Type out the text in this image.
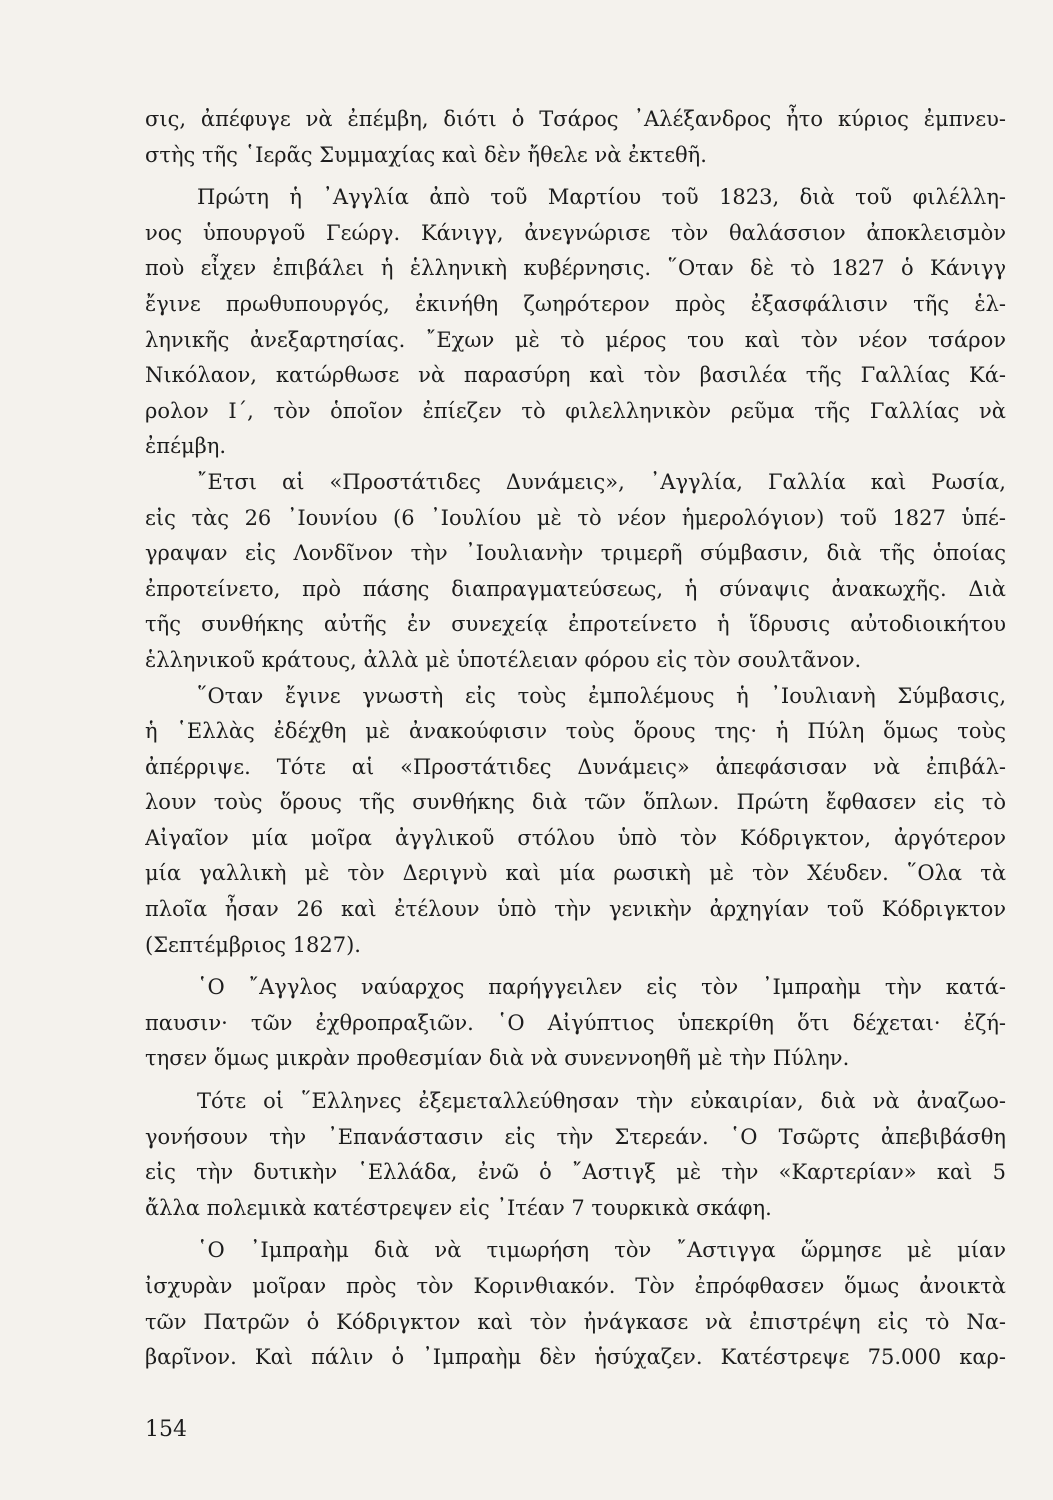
σις, ἀπέφυγε νὰ ἐπέμβη, διότι ὁ Τσάρος ᾿Αλέξανδρος ἦτο κύριος ἐμπνευ-
στὴς τῆς ῾Ιερᾶς Συμμαχίας καὶ δὲν ἤθελε νὰ ἐκτεθῆ.
Πρώτη ἡ ᾿Αγγλία ἀπὸ τοῦ Μαρτίου τοῦ 1823, διὰ τοῦ φιλέλλη-
νος ὑπουργοῦ Γεώργ. Κάνιγγ, ἀνεγνώρισε τὸν θαλάσσιον ἀποκλεισμὸν
ποὺ εἶχεν ἐπιβάλει ἡ ἑλληνικὴ κυβέρνησις. ῞Οταν δὲ τὸ 1827 ὁ Κάνιγγ
ἔγινε πρωθυπουργός, ἐκινήθη ζωηρότερον πρὸς ἐξασφάλισιν τῆς ἑλ-
ληνικῆς ἀνεξαρτησίας. ῎Εχων μὲ τὸ μέρος του καὶ τὸν νέον τσάρον
Νικόλαον, κατώρθωσε νὰ παρασύρη καὶ τὸν βασιλέα τῆς Γαλλίας Κά-
ρολον Ι΄, τὸν ὁποῖον ἐπίεζεν τὸ φιλελληνικὸν ρεῦμα τῆς Γαλλίας νὰ
ἐπέμβη.
῎Ετσι αἱ «Προστάτιδες Δυνάμεις», ᾿Αγγλία, Γαλλία καὶ Ρωσία,
εἰς τὰς 26 ᾿Ιουνίου (6 ᾿Ιουλίου μὲ τὸ νέον ἡμερολόγιον) τοῦ 1827 ὑπέ-
γραψαν εἰς Λονδῖνον τὴν ᾿Ιουλιανὴν τριμερῆ σύμβασιν, διὰ τῆς ὁποίας
ἐπροτείνετο, πρὸ πάσης διαπραγματεύσεως, ἡ σύναψις ἀνακωχῆς. Διὰ
τῆς συνθήκης αὐτῆς ἐν συνεχείᾳ ἐπροτείνετο ἡ ἵδρυσις αὐτοδιοικήτου
ἑλληνικοῦ κράτους, ἀλλὰ μὲ ὑποτέλειαν φόρου εἰς τὸν σουλτᾶνον.
῞Οταν ἔγινε γνωστὴ εἰς τοὺς ἐμπολέμους ἡ ᾿Ιουλιανὴ Σύμβασις,
ἡ ῾Ελλὰς ἐδέχθη μὲ ἀνακούφισιν τοὺς ὅρους της· ἡ Πύλη ὅμως τοὺς
ἀπέρριψε. Τότε αἱ «Προστάτιδες Δυνάμεις» ἀπεφάσισαν νὰ ἐπιβάλ-
λουν τοὺς ὅρους τῆς συνθήκης διὰ τῶν ὅπλων. Πρώτη ἔφθασεν εἰς τὸ
Αἰγαῖον μία μοῖρα ἀγγλικοῦ στόλου ὑπὸ τὸν Κόδριγκτον, ἀργότερον
μία γαλλικὴ μὲ τὸν Δεριγνὺ καὶ μία ρωσικὴ μὲ τὸν Χέυδεν. ῞Ολα τὰ
πλοῖα ἦσαν 26 καὶ ἐτέλουν ὑπὸ τὴν γενικὴν ἀρχηγίαν τοῦ Κόδριγκτον
(Σεπτέμβριος 1827).
῾Ο ῎Αγγλος ναύαρχος παρήγγειλεν εἰς τὸν ᾿Ιμπραὴμ τὴν κατά-
παυσιν· τῶν ἐχθροπραξιῶν. ῾Ο Αἰγύπτιος ὑπεκρίθη ὅτι δέχεται· ἐζή-
τησεν ὅμως μικρὰν προθεσμίαν διὰ νὰ συνεννοηθῆ μὲ τὴν Πύλην.
Τότε οἱ ῞Ελληνες ἐξεμεταλλεύθησαν τὴν εὐκαιρίαν, διὰ νὰ ἀναζωο-
γονήσουν τὴν ᾿Επανάστασιν εἰς τὴν Στερεάν. ῾Ο Τσῶρτς ἀπεβιβάσθη
εἰς τὴν δυτικὴν ῾Ελλάδα, ἐνῶ ὁ ῎Αστιγξ μὲ τὴν «Καρτερίαν» καὶ 5
ἄλλα πολεμικὰ κατέστρεψεν εἰς ᾿Ιτέαν 7 τουρκικὰ σκάφη.
῾Ο ᾿Ιμπραὴμ διὰ νὰ τιμωρήση τὸν ῎Αστιγγα ὥρμησε μὲ μίαν
ἰσχυρὰν μοῖραν πρὸς τὸν Κορινθιακόν. Τὸν ἐπρόφθασεν ὅμως ἀνοικτὰ
τῶν Πατρῶν ὁ Κόδριγκτον καὶ τὸν ἠνάγκασε νὰ ἐπιστρέψη εἰς τὸ Να-
βαρῖνον. Καὶ πάλιν ὁ ᾿Ιμπραὴμ δὲν ἡσύχαζεν. Κατέστρεψε 75.000 καρ-
154
